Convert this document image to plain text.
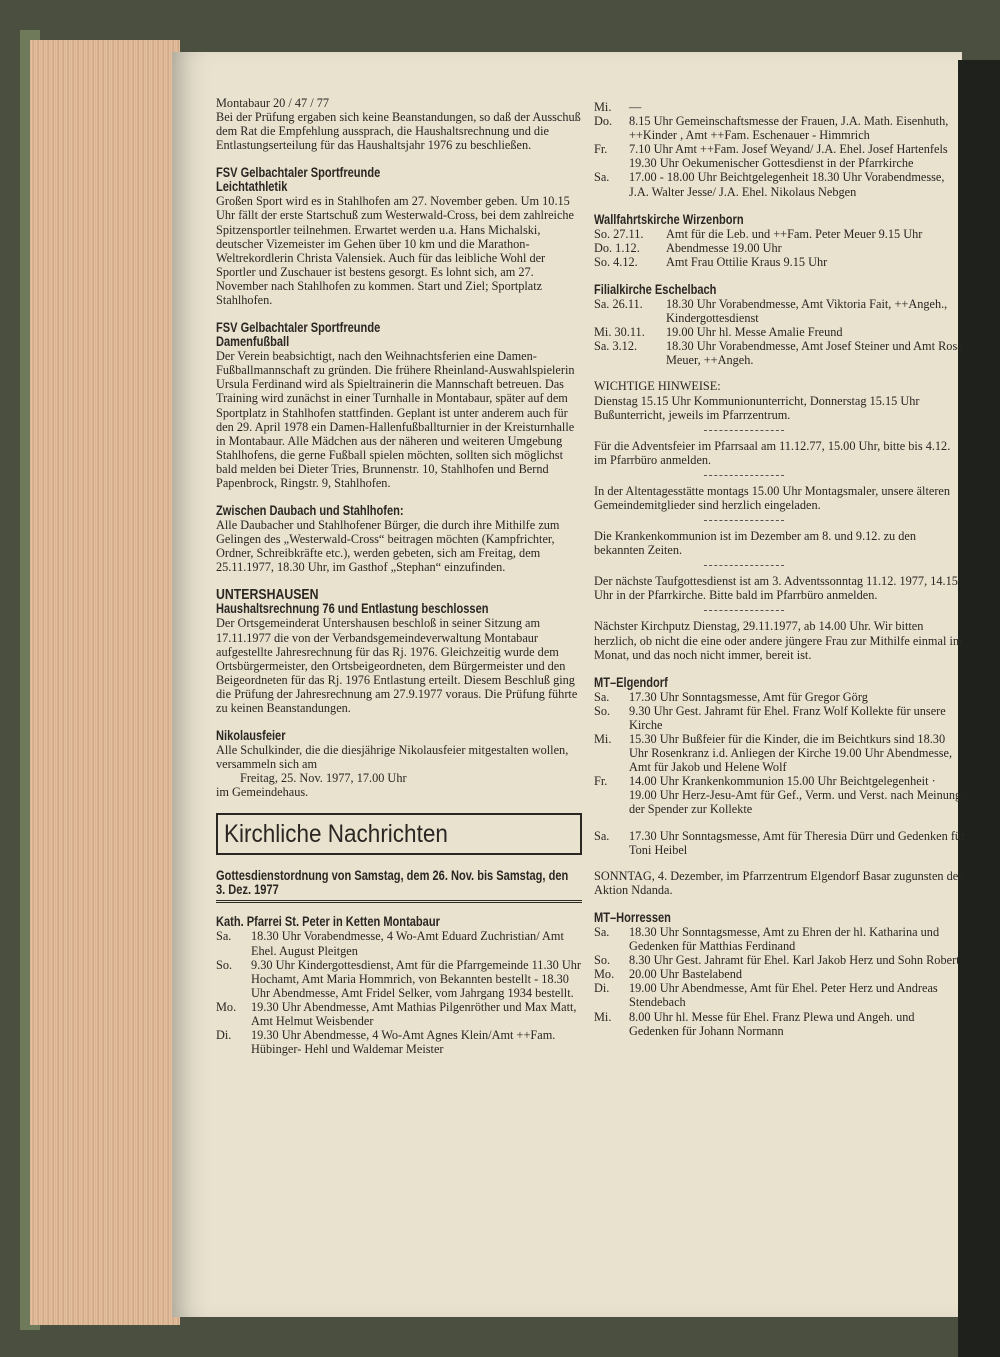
Montabaur 20 / 47 / 77

Bei der Prüfung ergaben sich keine Beanstandungen, so daß der Ausschuß dem Rat die Empfehlung aussprach, die Haushaltsrechnung und die Entlastungserteilung für das Haushaltsjahr 1976 zu beschließen.

FSV Gelbachtaler Sportfreunde
Leichtathletik

Großen Sport wird es in Stahlhofen am 27. November geben. Um 10.15 Uhr fällt der erste Startschuß zum Westerwald-Cross, bei dem zahlreiche Spitzensportler teilnehmen. Erwartet werden u.a. Hans Michalski, deutscher Vizemeister im Gehen über 10 km und die Marathon-Weltrekordlerin Christa Valensiek. Auch für das leibliche Wohl der Sportler und Zuschauer ist bestens gesorgt. Es lohnt sich, am 27. November nach Stahlhofen zu kommen. Start und Ziel; Sportplatz Stahlhofen.

FSV Gelbachtaler Sportfreunde
Damenfußball

Der Verein beabsichtigt, nach den Weihnachtsferien eine Damen-Fußballmannschaft zu gründen. Die frühere Rheinland-Auswahlspielerin Ursula Ferdinand wird als Spieltrainerin die Mannschaft betreuen. Das Training wird zunächst in einer Turnhalle in Montabaur, später auf dem Sportplatz in Stahlhofen stattfinden. Geplant ist unter anderem auch für den 29. April 1978 ein Damen-Hallenfußballturnier in der Kreisturnhalle in Montabaur. Alle Mädchen aus der näheren und weiteren Umgebung Stahlhofens, die gerne Fußball spielen möchten, sollten sich möglichst bald melden bei Dieter Tries, Brunnenstr. 10, Stahlhofen und Bernd Papenbrock, Ringstr. 9, Stahlhofen.

Zwischen Daubach und Stahlhofen:

Alle Daubacher und Stahlhofener Bürger, die durch ihre Mithilfe zum Gelingen des „Westerwald-Cross“ beitragen möchten (Kampfrichter, Ordner, Schreibkräfte etc.), werden gebeten, sich am Freitag, dem 25.11.1977, 18.30 Uhr, im Gasthof „Stephan“ einzufinden.

UNTERSHAUSEN
Haushaltsrechnung 76 und Entlastung beschlossen

Der Ortsgemeinderat Untershausen beschloß in seiner Sitzung am 17.11.1977 die von der Verbandsgemeindeverwaltung Montabaur aufgestellte Jahresrechnung für das Rj. 1976. Gleichzeitig wurde dem Ortsbürgermeister, den Ortsbeigeordneten, dem Bürgermeister und den Beigeordneten für das Rj. 1976 Entlastung erteilt. Diesem Beschluß ging die Prüfung der Jahresrechnung am 27.9.1977 voraus. Die Prüfung führte zu keinen Beanstandungen.

Nikolausfeier

Alle Schulkinder, die die diesjährige Nikolausfeier mitgestalten wollen, versammeln sich am

Freitag, 25. Nov. 1977, 17.00 Uhr

im Gemeindehaus.

Kirchliche Nachrichten
Gottesdienstordnung von Samstag, dem 26. Nov. bis Samstag, den 3. Dez. 1977
Kath. Pfarrei St. Peter in Ketten Montabaur
Sa.	18.30 Uhr Vorabendmesse, 4 Wo-Amt Eduard Zuchristian/ Amt Ehel. August Pleitgen
So.	9.30 Uhr Kindergottesdienst, Amt für die Pfarrgemeinde 11.30 Uhr Hochamt, Amt Maria Hommrich, von Bekannten bestellt - 18.30 Uhr Abendmesse, Amt Fridel Selker, vom Jahrgang 1934 bestellt.
Mo.	19.30 Uhr Abendmesse, Amt Mathias Pilgenröther und Max Matt, Amt Helmut Weisbender
Di.	19.30 Uhr Abendmesse, 4 Wo-Amt Agnes Klein/Amt ++Fam. Hübinger- Hehl und Waldemar Meister
Mi.	—
Do.	8.15 Uhr Gemeinschaftsmesse der Frauen, J.A. Math. Eisenhuth, ++Kinder , Amt ++Fam. Eschenauer - Himmrich
Fr.	7.10 Uhr Amt ++Fam. Josef Weyand/ J.A. Ehel. Josef Hartenfels 19.30 Uhr Oekumenischer Gottesdienst in der Pfarrkirche
Sa.	17.00 - 18.00 Uhr Beichtgelegenheit 18.30 Uhr Vorabendmesse, J.A. Walter Jesse/ J.A. Ehel. Nikolaus Nebgen
Wallfahrtskirche Wirzenborn
So. 27.11.	Amt für die Leb. und ++Fam. Peter Meuer 9.15 Uhr
Do. 1.12.	Abendmesse 19.00 Uhr
So. 4.12.	Amt Frau Ottilie Kraus 9.15 Uhr
Filialkirche Eschelbach
Sa. 26.11.	18.30 Uhr Vorabendmesse, Amt Viktoria Fait, ++Angeh., Kindergottesdienst
Mi. 30.11.	19.00 Uhr hl. Messe Amalie Freund
Sa. 3.12.	18.30 Uhr Vorabendmesse, Amt Josef Steiner und Amt Rosa Meuer, ++Angeh.

WICHTIGE HINWEISE:

Dienstag 15.15 Uhr Kommunionunterricht, Donnerstag 15.15 Uhr Bußunterricht, jeweils im Pfarrzentrum.

Für die Adventsfeier im Pfarrsaal am 11.12.77, 15.00 Uhr, bitte bis 4.12. im Pfarrbüro anmelden.

In der Altentagesstätte montags 15.00 Uhr Montagsmaler, unsere älteren Gemeindemitglieder sind herzlich eingeladen.

Die Krankenkommunion ist im Dezember am 8. und 9.12. zu den bekannten Zeiten.

Der nächste Taufgottesdienst ist am 3. Adventssonntag 11.12. 1977, 14.15 Uhr in der Pfarrkirche. Bitte bald im Pfarrbüro anmelden.

Nächster Kirchputz Dienstag, 29.11.1977, ab 14.00 Uhr. Wir bitten herzlich, ob nicht die eine oder andere jüngere Frau zur Mithilfe einmal im Monat, und das noch nicht immer, bereit ist.

MT–Elgendorf
Sa.	17.30 Uhr Sonntagsmesse, Amt für Gregor Görg
So.	9.30 Uhr Gest. Jahramt für Ehel. Franz Wolf Kollekte für unsere Kirche
Mi.	15.30 Uhr Bußfeier für die Kinder, die im Beichtkurs sind 18.30 Uhr Rosenkranz i.d. Anliegen der Kirche 19.00 Uhr Abendmesse, Amt für Jakob und Helene Wolf
Fr.	14.00 Uhr Krankenkommunion 15.00 Uhr Beichtgelegenheit · 19.00 Uhr Herz-Jesu-Amt für Gef., Verm. und Verst. nach Meinung der Spender zur Kollekte
Sa.	17.30 Uhr Sonntagsmesse, Amt für Theresia Dürr und Gedenken für Toni Heibel

SONNTAG, 4. Dezember, im Pfarrzentrum Elgendorf Basar zugunsten der Aktion Ndanda.

MT–Horressen
Sa.	18.30 Uhr Sonntagsmesse, Amt zu Ehren der hl. Katharina und Gedenken für Matthias Ferdinand
So.	8.30 Uhr Gest. Jahramt für Ehel. Karl Jakob Herz und Sohn Robert
Mo.	20.00 Uhr Bastelabend
Di.	19.00 Uhr Abendmesse, Amt für Ehel. Peter Herz und Andreas Stendebach
Mi.	8.00 Uhr hl. Messe für Ehel. Franz Plewa und Angeh. und Gedenken für Johann Normann
